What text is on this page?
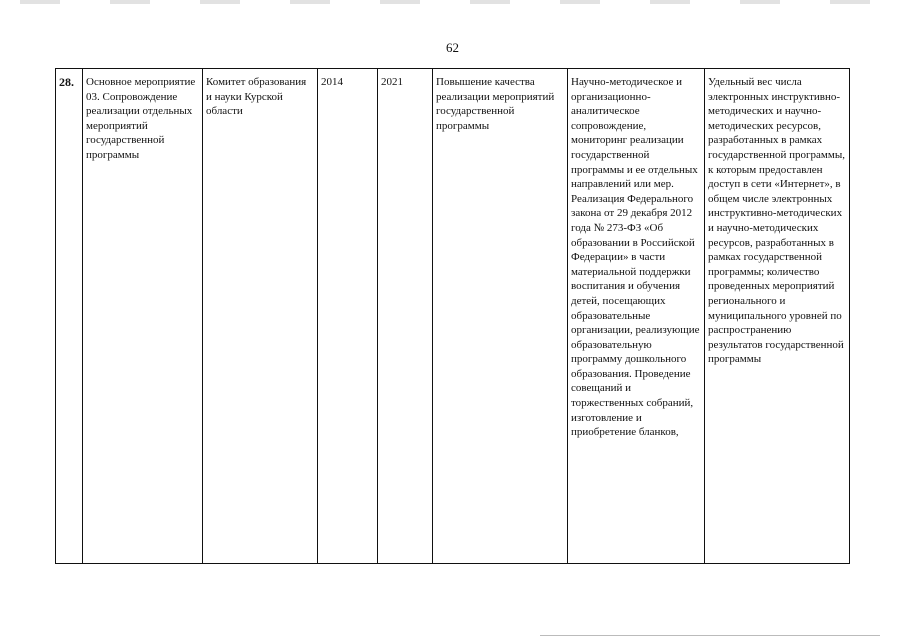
62
28.	Основное мероприятие 03. Сопровождение реализации отдельных мероприятий государственной программы	Комитет образования и науки Курской области	2014	2021	Повышение качества реализации мероприятий государственной программы	Научно-методическое и организационно-аналитическое сопровождение, мониторинг реализации государственной программы и ее отдельных направлений или мер. Реализация Федерального закона от 29 декабря 2012 года № 273-ФЗ «Об образовании в Российской Федерации» в части материальной поддержки воспитания и обучения детей, посещающих образовательные организации, реализующие образовательную программу дошкольного образования. Проведение совещаний и торжественных собраний, изготовление и приобретение бланков,	Удельный вес числа электронных инструктивно-методических и научно-методических ресурсов, разработанных в рамках государственной программы, к которым предоставлен доступ в сети «Интернет», в общем числе электронных инструктивно-методических и научно-методических ресурсов, разработанных в рамках государственной программы; количество проведенных мероприятий регионального и муниципального уровней по распространению результатов государственной программы
